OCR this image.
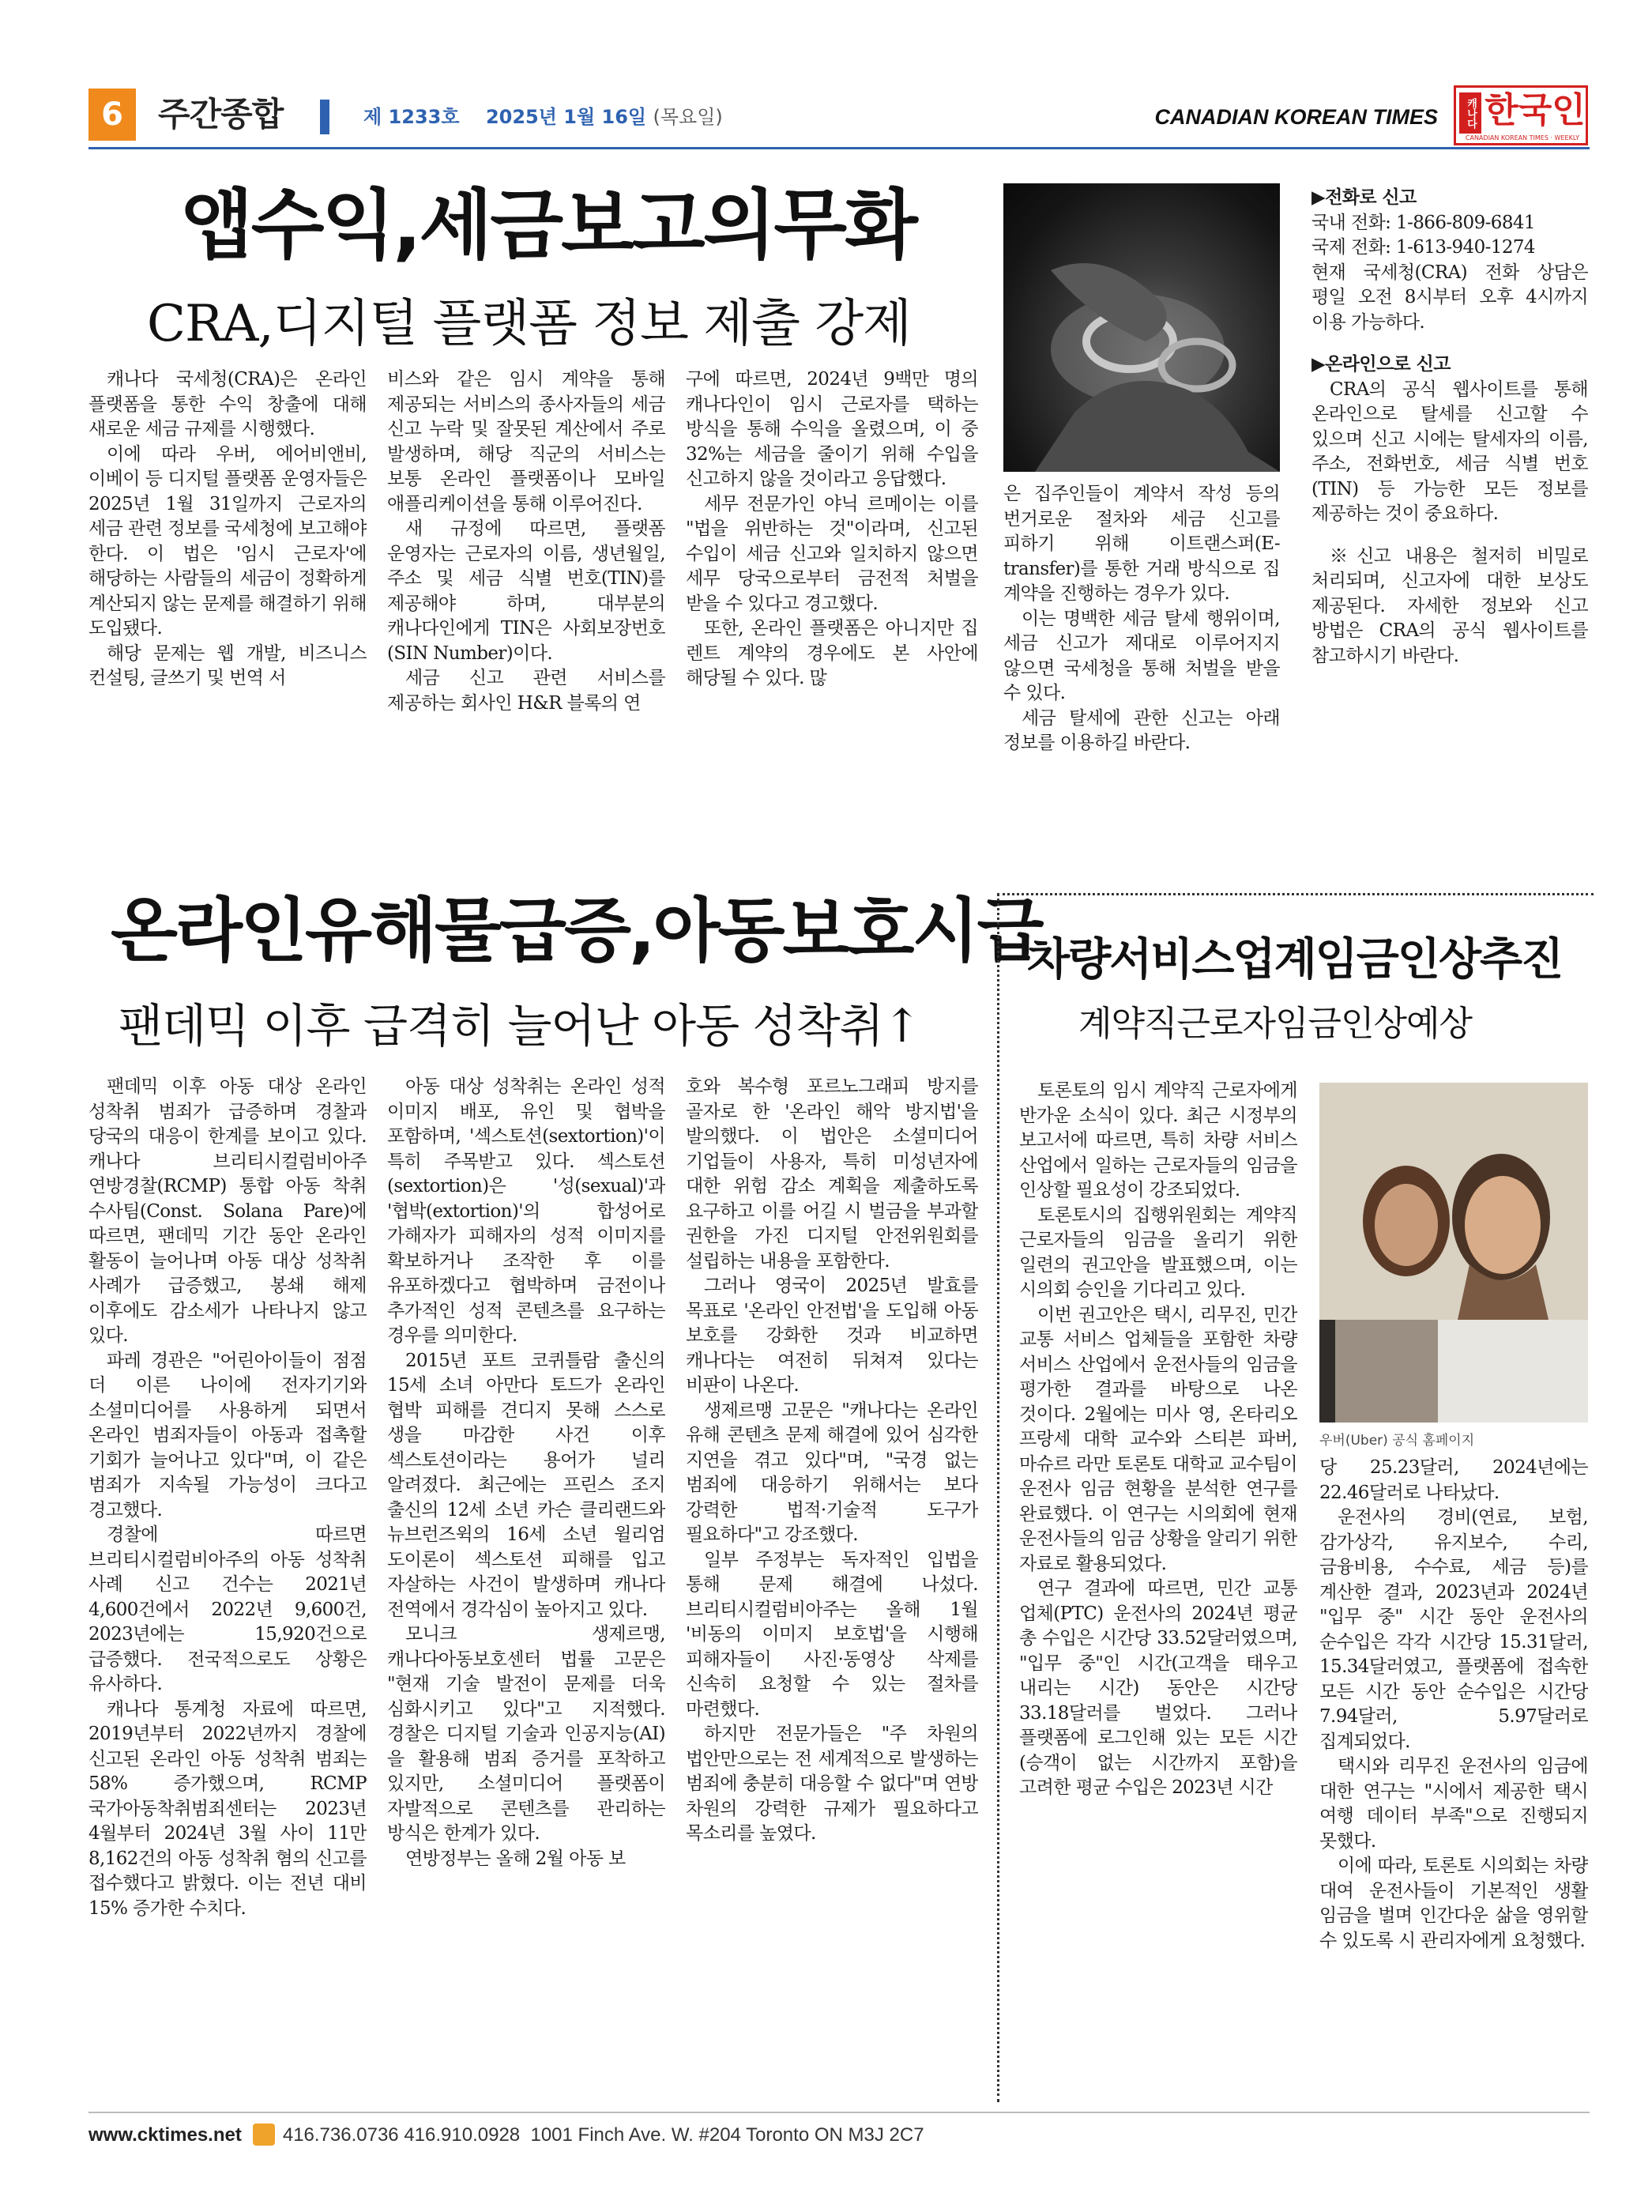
6	주간종합	제 1233호 2025년 1월 16일 (목요일)	CANADIAN KOREAN TIMES	캐나다 한국인
CANADIAN KOREAN TIMES · WEEKLY
앱수익,세금보고의무화
CRA,디지털 플랫폼 정보 제출 강제

캐나다 국세청(CRA)은 온라인 플랫폼을 통한 수익 창출에 대해 새로운 세금 규제를 시행했다.

이에 따라 우버, 에어비앤비, 이베이 등 디지털 플랫폼 운영자들은 2025년 1월 31일까지 근로자의 세금 관련 정보를 국세청에 보고해야 한다. 이 법은 '임시 근로자'에 해당하는 사람들의 세금이 정확하게 계산되지 않는 문제를 해결하기 위해 도입됐다.

해당 문제는 웹 개발, 비즈니스 컨설팅, 글쓰기 및 번역 서

비스와 같은 임시 계약을 통해 제공되는 서비스의 종사자들의 세금 신고 누락 및 잘못된 계산에서 주로 발생하며, 해당 직군의 서비스는 보통 온라인 플랫폼이나 모바일 애플리케이션을 통해 이루어진다.

새 규정에 따르면, 플랫폼 운영자는 근로자의 이름, 생년월일, 주소 및 세금 식별 번호(TIN)를 제공해야 하며, 대부분의 캐나다인에게 TIN은 사회보장번호(SIN Number)이다.

세금 신고 관련 서비스를 제공하는 회사인 H&R 블록의 연

구에 따르면, 2024년 9백만 명의 캐나다인이 임시 근로자를 택하는 방식을 통해 수익을 올렸으며, 이 중 32%는 세금을 줄이기 위해 수입을 신고하지 않을 것이라고 응답했다.

세무 전문가인 야닉 르메이는 이를 "법을 위반하는 것"이라며, 신고된 수입이 세금 신고와 일치하지 않으면 세무 당국으로부터 금전적 처벌을 받을 수 있다고 경고했다.

또한, 온라인 플랫폼은 아니지만 집 렌트 계약의 경우에도 본 사안에 해당될 수 있다. 많

은 집주인들이 계약서 작성 등의 번거로운 절차와 세금 신고를 피하기 위해 이트랜스퍼(E-transfer)를 통한 거래 방식으로 집 계약을 진행하는 경우가 있다.

이는 명백한 세금 탈세 행위이며, 세금 신고가 제대로 이루어지지 않으면 국세청을 통해 처벌을 받을 수 있다.

세금 탈세에 관한 신고는 아래 정보를 이용하길 바란다.

▶전화로 신고

국내 전화: 1-866-809-6841

국제 전화: 1-613-940-1274

현재 국세청(CRA) 전화 상담은 평일 오전 8시부터 오후 4시까지 이용 가능하다.

▶온라인으로 신고

CRA의 공식 웹사이트를 통해 온라인으로 탈세를 신고할 수 있으며 신고 시에는 탈세자의 이름, 주소, 전화번호, 세금 식별 번호(TIN) 등 가능한 모든 정보를 제공하는 것이 중요하다.

※신고 내용은 철저히 비밀로 처리되며, 신고자에 대한 보상도 제공된다. 자세한 정보와 신고 방법은 CRA의 공식 웹사이트를 참고하시기 바란다.

온라인유해물급증,아동보호시급
팬데믹 이후 급격히 늘어난 아동 성착취↑

팬데믹 이후 아동 대상 온라인 성착취 범죄가 급증하며 경찰과 당국의 대응이 한계를 보이고 있다. 캐나다 브리티시컬럼비아주 연방경찰(RCMP) 통합 아동 착취 수사팀(Const. Solana Pare)에 따르면, 팬데믹 기간 동안 온라인 활동이 늘어나며 아동 대상 성착취 사례가 급증했고, 봉쇄 해제 이후에도 감소세가 나타나지 않고 있다.

파레 경관은 "어린아이들이 점점 더 이른 나이에 전자기기와 소셜미디어를 사용하게 되면서 온라인 범죄자들이 아동과 접촉할 기회가 늘어나고 있다"며, 이 같은 범죄가 지속될 가능성이 크다고 경고했다.

경찰에 따르면 브리티시컬럼비아주의 아동 성착취 사례 신고 건수는 2021년 4,600건에서 2022년 9,600건, 2023년에는 15,920건으로 급증했다. 전국적으로도 상황은 유사하다.

캐나다 통계청 자료에 따르면, 2019년부터 2022년까지 경찰에 신고된 온라인 아동 성착취 범죄는 58% 증가했으며, RCMP 국가아동착취범죄센터는 2023년 4월부터 2024년 3월 사이 11만 8,162건의 아동 성착취 혐의 신고를 접수했다고 밝혔다. 이는 전년 대비 15% 증가한 수치다.

아동 대상 성착취는 온라인 성적 이미지 배포, 유인 및 협박을 포함하며, '섹스토션(sextortion)'이 특히 주목받고 있다. 섹스토션(sextortion)은 '성(sexual)'과 '협박(extortion)'의 합성어로 가해자가 피해자의 성적 이미지를 확보하거나 조작한 후 이를 유포하겠다고 협박하며 금전이나 추가적인 성적 콘텐츠를 요구하는 경우를 의미한다.

2015년 포트 코퀴틀람 출신의 15세 소녀 아만다 토드가 온라인 협박 피해를 견디지 못해 스스로 생을 마감한 사건 이후 섹스토션이라는 용어가 널리 알려졌다. 최근에는 프린스 조지 출신의 12세 소년 카슨 클리랜드와 뉴브런즈윅의 16세 소년 윌리엄 도이론이 섹스토션 피해를 입고 자살하는 사건이 발생하며 캐나다 전역에서 경각심이 높아지고 있다.

모니크 생제르맹, 캐나다아동보호센터 법률 고문은 "현재 기술 발전이 문제를 더욱 심화시키고 있다"고 지적했다. 경찰은 디지털 기술과 인공지능(AI)을 활용해 범죄 증거를 포착하고 있지만, 소셜미디어 플랫폼이 자발적으로 콘텐츠를 관리하는 방식은 한계가 있다.

연방정부는 올해 2월 아동 보

호와 복수형 포르노그래피 방지를 골자로 한 '온라인 해악 방지법'을 발의했다. 이 법안은 소셜미디어 기업들이 사용자, 특히 미성년자에 대한 위험 감소 계획을 제출하도록 요구하고 이를 어길 시 벌금을 부과할 권한을 가진 디지털 안전위원회를 설립하는 내용을 포함한다.

그러나 영국이 2025년 발효를 목표로 '온라인 안전법'을 도입해 아동 보호를 강화한 것과 비교하면 캐나다는 여전히 뒤쳐져 있다는 비판이 나온다.

생제르맹 고문은 "캐나다는 온라인 유해 콘텐츠 문제 해결에 있어 심각한 지연을 겪고 있다"며, "국경 없는 범죄에 대응하기 위해서는 보다 강력한 법적·기술적 도구가 필요하다"고 강조했다.

일부 주정부는 독자적인 입법을 통해 문제 해결에 나섰다. 브리티시컬럼비아주는 올해 1월 '비동의 이미지 보호법'을 시행해 피해자들이 사진·동영상 삭제를 신속히 요청할 수 있는 절차를 마련했다.

하지만 전문가들은 "주 차원의 법안만으로는 전 세계적으로 발생하는 범죄에 충분히 대응할 수 없다"며 연방 차원의 강력한 규제가 필요하다고 목소리를 높였다.

차량서비스업계임금인상추진
계약직근로자임금인상예상

토론토의 임시 계약직 근로자에게 반가운 소식이 있다. 최근 시정부의 보고서에 따르면, 특히 차량 서비스 산업에서 일하는 근로자들의 임금을 인상할 필요성이 강조되었다.

토론토시의 집행위원회는 계약직 근로자들의 임금을 올리기 위한 일련의 권고안을 발표했으며, 이는 시의회 승인을 기다리고 있다.

이번 권고안은 택시, 리무진, 민간 교통 서비스 업체들을 포함한 차량 서비스 산업에서 운전사들의 임금을 평가한 결과를 바탕으로 나온 것이다. 2월에는 미사 영, 온타리오 프랑세 대학 교수와 스티븐 파버, 마슈르 라만 토론토 대학교 교수팀이 운전사 임금 현황을 분석한 연구를 완료했다. 이 연구는 시의회에 현재 운전사들의 임금 상황을 알리기 위한 자료로 활용되었다.

연구 결과에 따르면, 민간 교통 업체(PTC) 운전사의 2024년 평균 총 수입은 시간당 33.52달러였으며, "입무 중"인 시간(고객을 태우고 내리는 시간) 동안은 시간당 33.18달러를 벌었다. 그러나 플랫폼에 로그인해 있는 모든 시간(승객이 없는 시간까지 포함)을 고려한 평균 수입은 2023년 시간

우버(Uber) 공식 홈페이지

당 25.23달러, 2024년에는 22.46달러로 나타났다.

운전사의 경비(연료, 보험, 감가상각, 유지보수, 수리, 금융비용, 수수료, 세금 등)를 계산한 결과, 2023년과 2024년 "입무 중" 시간 동안 운전사의 순수입은 각각 시간당 15.31달러, 15.34달러였고, 플랫폼에 접속한 모든 시간 동안 순수입은 시간당 7.94달러, 5.97달러로 집계되었다.

택시와 리무진 운전사의 임금에 대한 연구는 "시에서 제공한 택시 여행 데이터 부족"으로 진행되지 못했다.

이에 따라, 토론토 시의회는 차량 대여 운전사들이 기본적인 생활 임금을 벌며 인간다운 삶을 영위할 수 있도록 시 관리자에게 요청했다.

www.cktimes.net 416.736.0736 416.910.0928 1001 Finch Ave. W. #204 Toronto ON M3J 2C7
